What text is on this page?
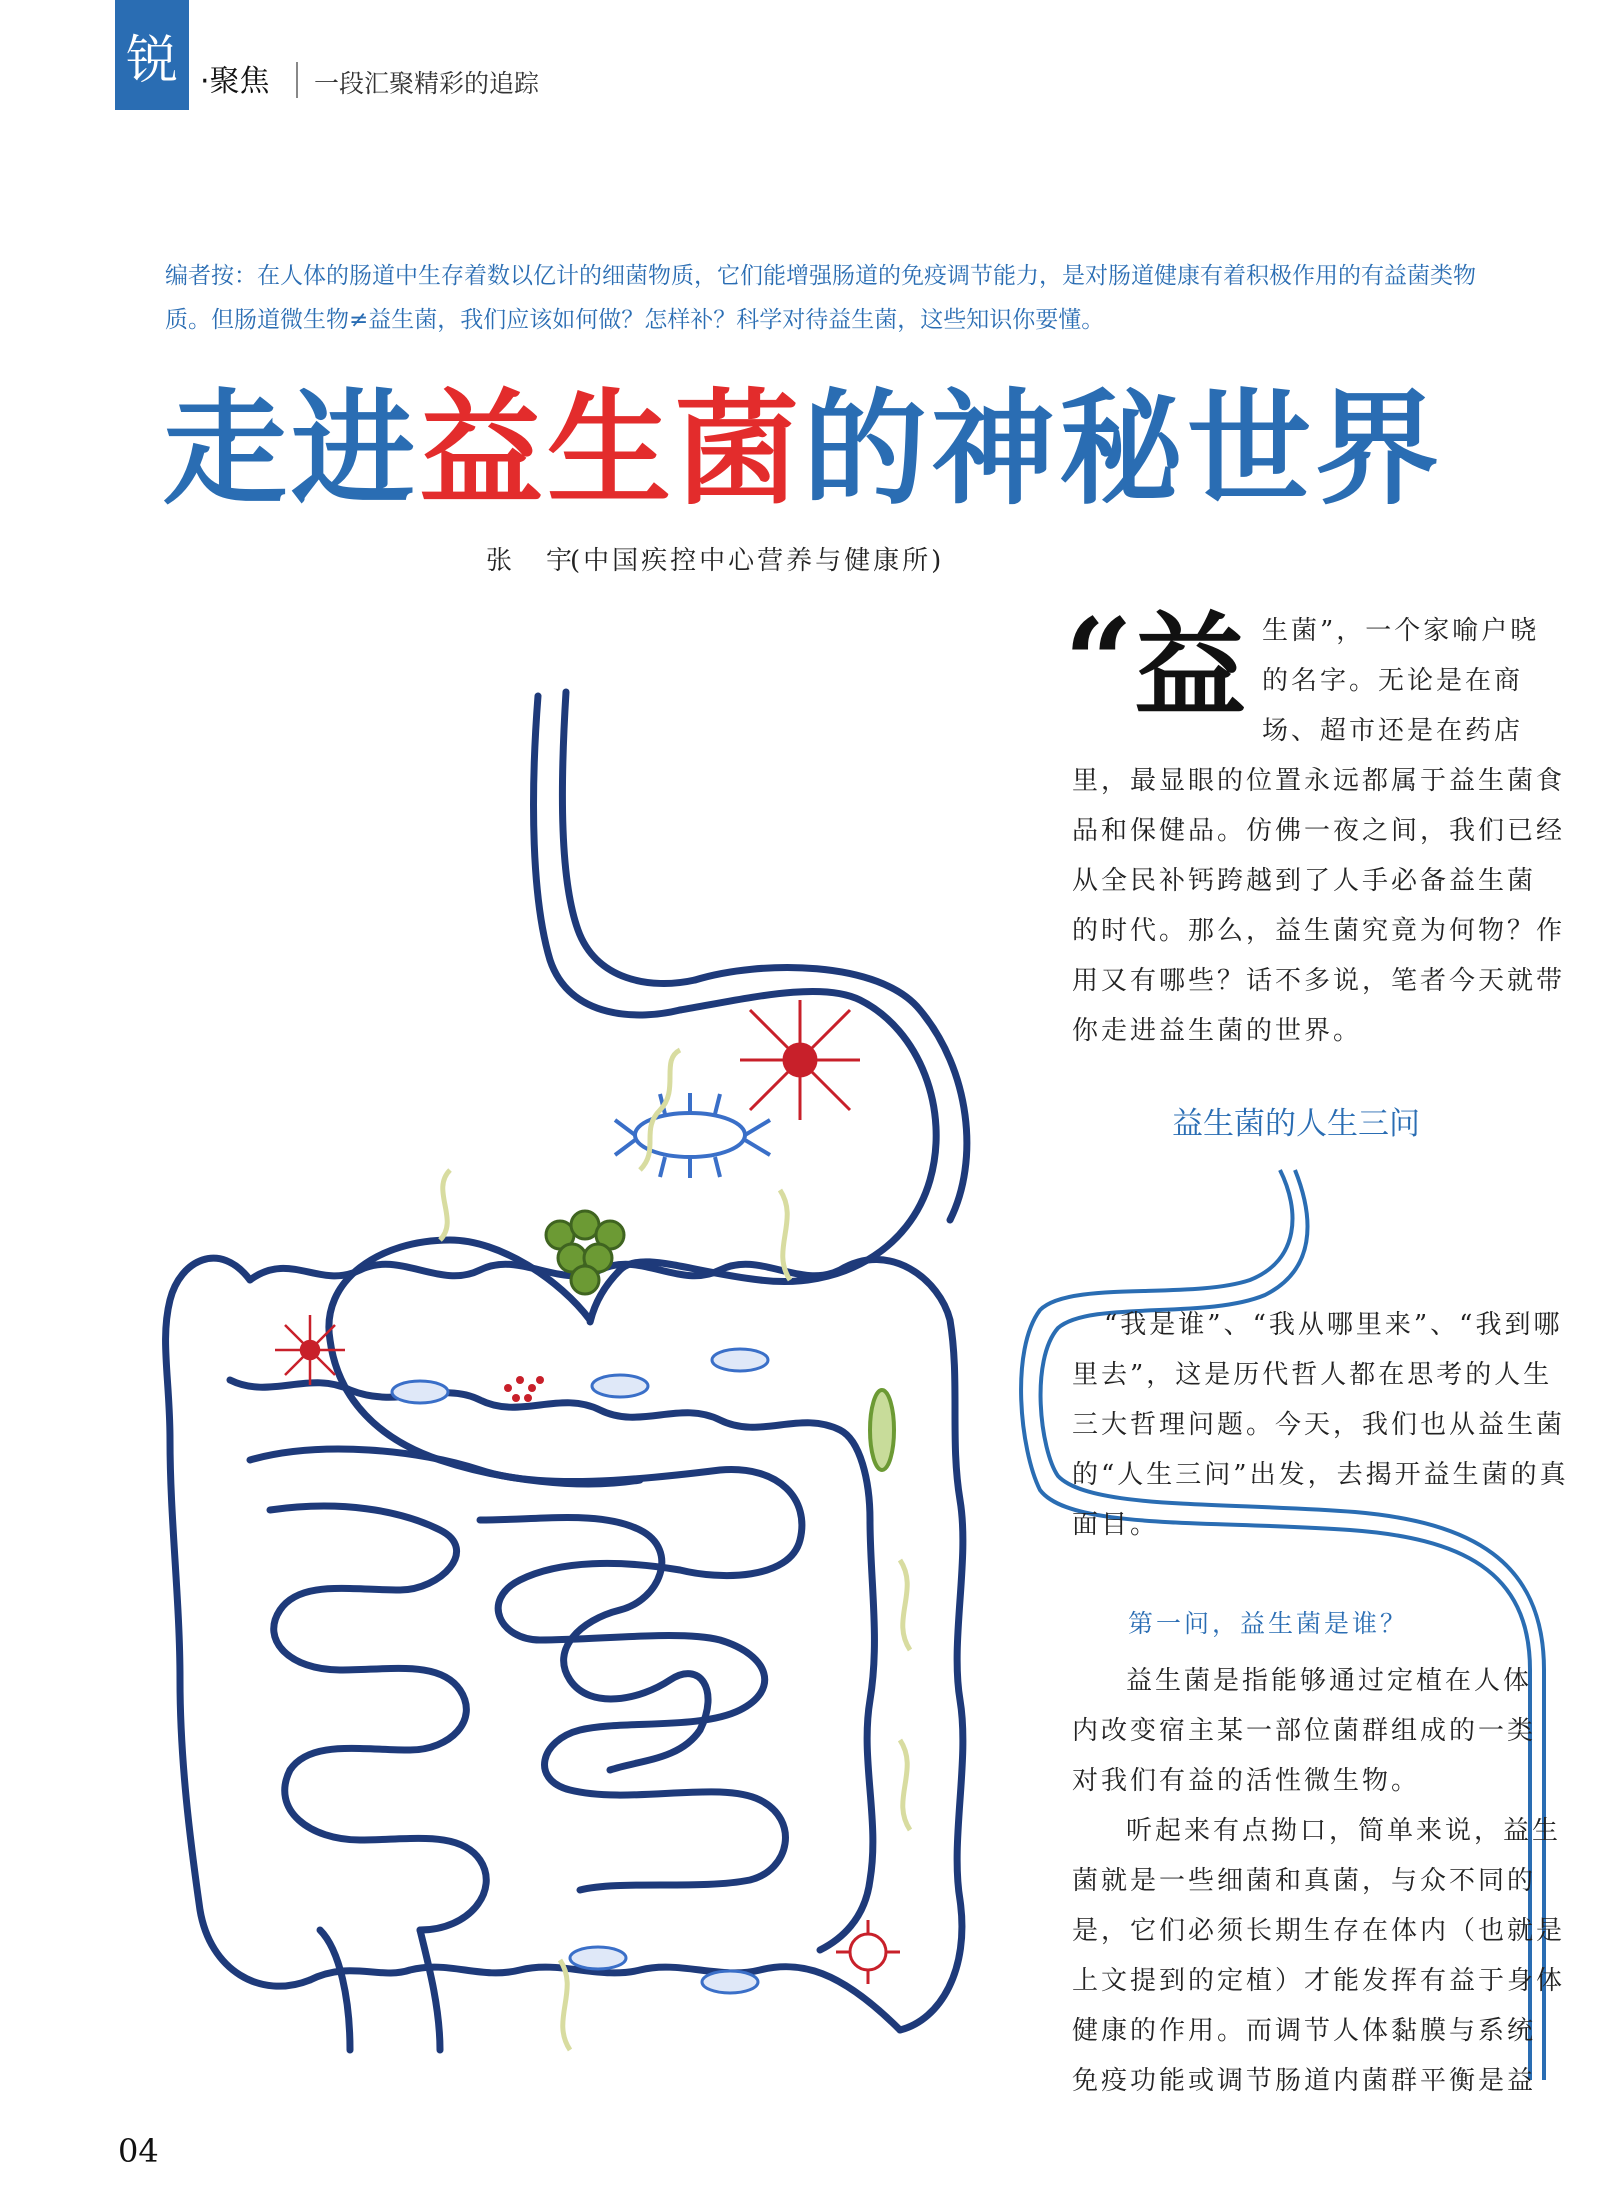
锐 ·聚焦 一段汇聚精彩的追踪
编者按：在人体的肠道中生存着数以亿计的细菌物质，它们能增强肠道的免疫调节能力，是对肠道健康有着积极作用的有益菌类物质。但肠道微生物≠益生菌，我们应该如何做？怎样补？科学对待益生菌，这些知识你要懂。
走进益生菌的神秘世界
张　宇
(中国疾控中心营养与健康所)
“ 益 生菌”，一个家喻户晓
的名字。无论是在商
场、超市还是在药店
里，最显眼的位置永远都属于益生菌食
品和保健品。仿佛一夜之间，我们已经
从全民补钙跨越到了人手必备益生菌
的时代。那么，益生菌究竟为何物？作
用又有哪些？话不多说，笔者今天就带
你走进益生菌的世界。
益生菌的人生三问
“我是谁”、“我从哪里来”、“我到哪
里去”，这是历代哲人都在思考的人生
三大哲理问题。今天，我们也从益生菌
的“人生三问”出发，去揭开益生菌的真
面目。
第一问，益生菌是谁？
益生菌是指能够通过定植在人体
内改变宿主某一部位菌群组成的一类
对我们有益的活性微生物。
听起来有点拗口，简单来说，益生
菌就是一些细菌和真菌，与众不同的
是，它们必须长期生存在体内（也就是
上文提到的定植）才能发挥有益于身体
健康的作用。而调节人体黏膜与系统
免疫功能或调节肠道内菌群平衡是益
04
